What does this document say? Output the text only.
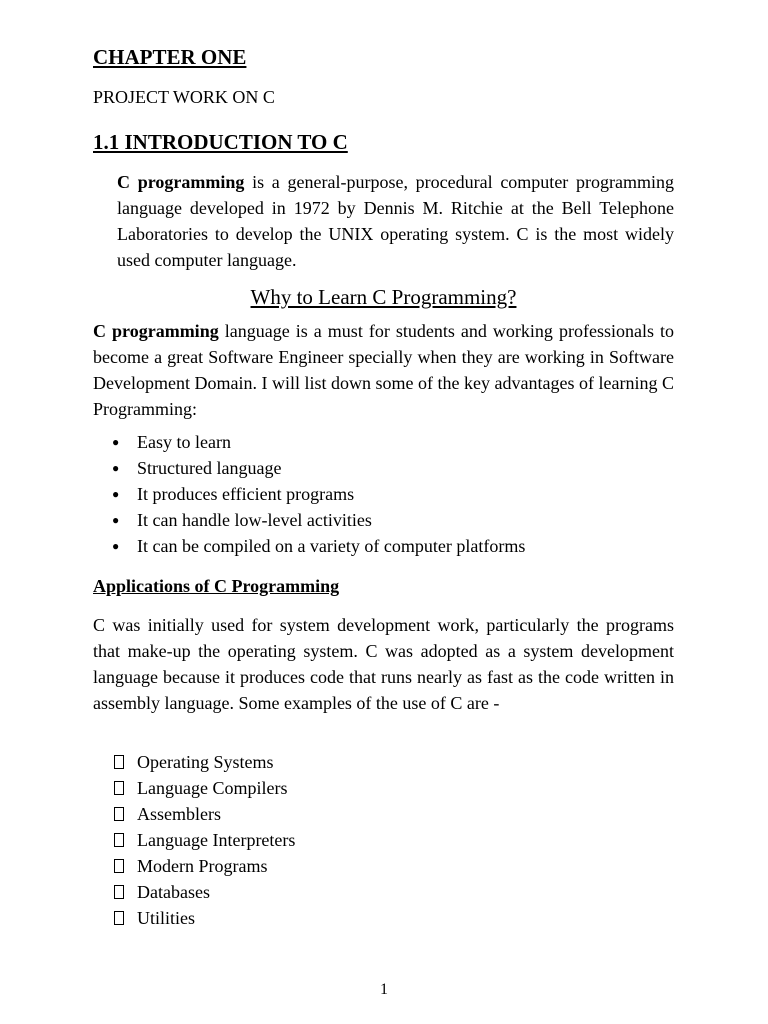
CHAPTER ONE
PROJECT WORK ON C
1.1 INTRODUCTION TO C
C programming is a general-purpose, procedural computer programming language developed in 1972 by Dennis M. Ritchie at the Bell Telephone Laboratories to develop the UNIX operating system. C is the most widely used computer language.
Why to Learn C Programming?
C programming language is a must for students and working professionals to become a great Software Engineer specially when they are working in Software Development Domain. I will list down some of the key advantages of learning C Programming:
● Easy to learn
● Structured language
● It produces efficient programs
● It can handle low-level activities
● It can be compiled on a variety of computer platforms
Applications of C Programming
C was initially used for system development work, particularly the programs that make-up the operating system. C was adopted as a system development language because it produces code that runs nearly as fast as the code written in assembly language. Some examples of the use of C are -
Operating Systems
Language Compilers
Assemblers
Language Interpreters
Modern Programs
Databases
Utilities
1
